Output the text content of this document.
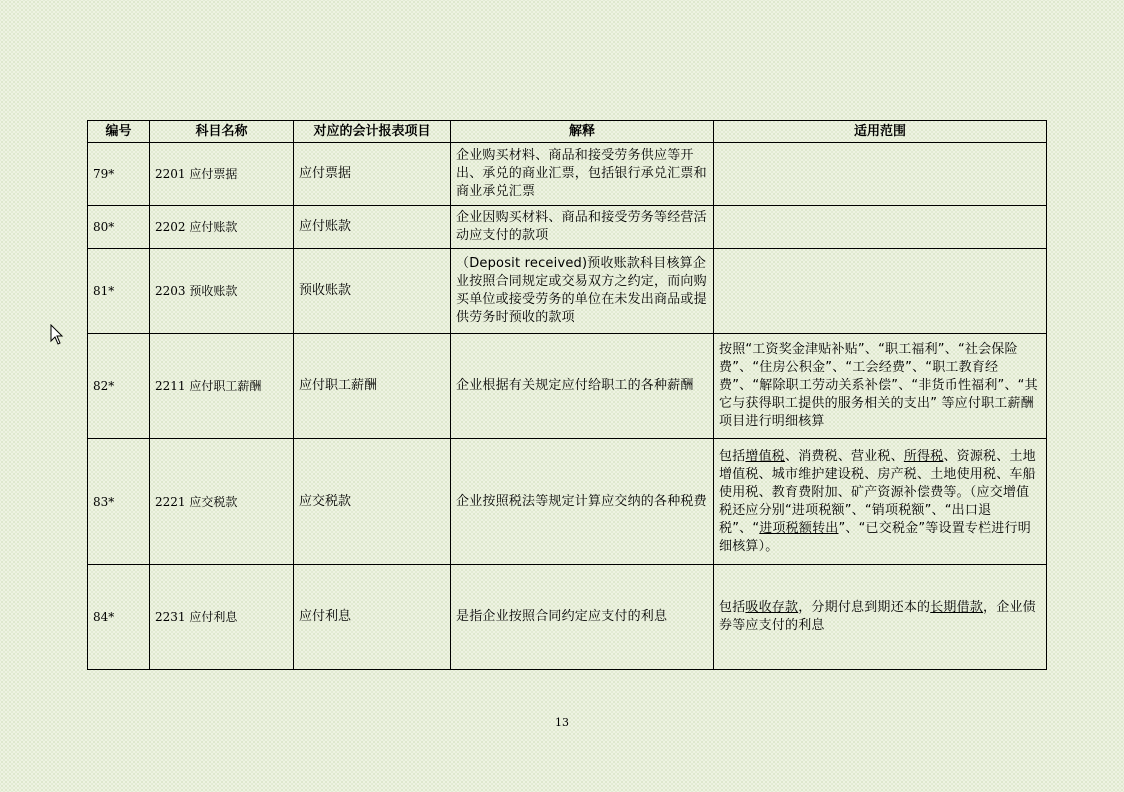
编号	科目名称	对应的会计报表项目	解释	适用范围
79*	2201 应付票据	应付票据	企业购买材料、商品和接受劳务供应等开出、承兑的商业汇票，包括银行承兑汇票和商业承兑汇票	
80*	2202 应付账款	应付账款	企业因购买材料、商品和接受劳务等经营活动应支付的款项	
81*	2203 预收账款	预收账款	（Deposit received)预收账款科目核算企业按照合同规定或交易双方之约定，而向购买单位或接受劳务的单位在未发出商品或提供劳务时预收的款项	
82*	2211 应付职工薪酬	应付职工薪酬	企业根据有关规定应付给职工的各种薪酬	按照“工资奖金津贴补贴”、“职工福利”、“社会保险费”、“住房公积金”、“工会经费”、“职工教育经费”、“解除职工劳动关系补偿”、“非货币性福利”、“其它与获得职工提供的服务相关的支出” 等应付职工薪酬项目进行明细核算
83*	2221 应交税款	应交税款	企业按照税法等规定计算应交纳的各种税费	包括增值税、消费税、营业税、所得税、资源税、土地增值税、城市维护建设税、房产税、土地使用税、车船使用税、教育费附加、矿产资源补偿费等。（应交增值税还应分别“进项税额”、“销项税额”、“出口退税”、“进项税额转出”、“已交税金”等设置专栏进行明细核算）。
84*	2231 应付利息	应付利息	是指企业按照合同约定应支付的利息	包括吸收存款，分期付息到期还本的长期借款，企业债券等应支付的利息
13
